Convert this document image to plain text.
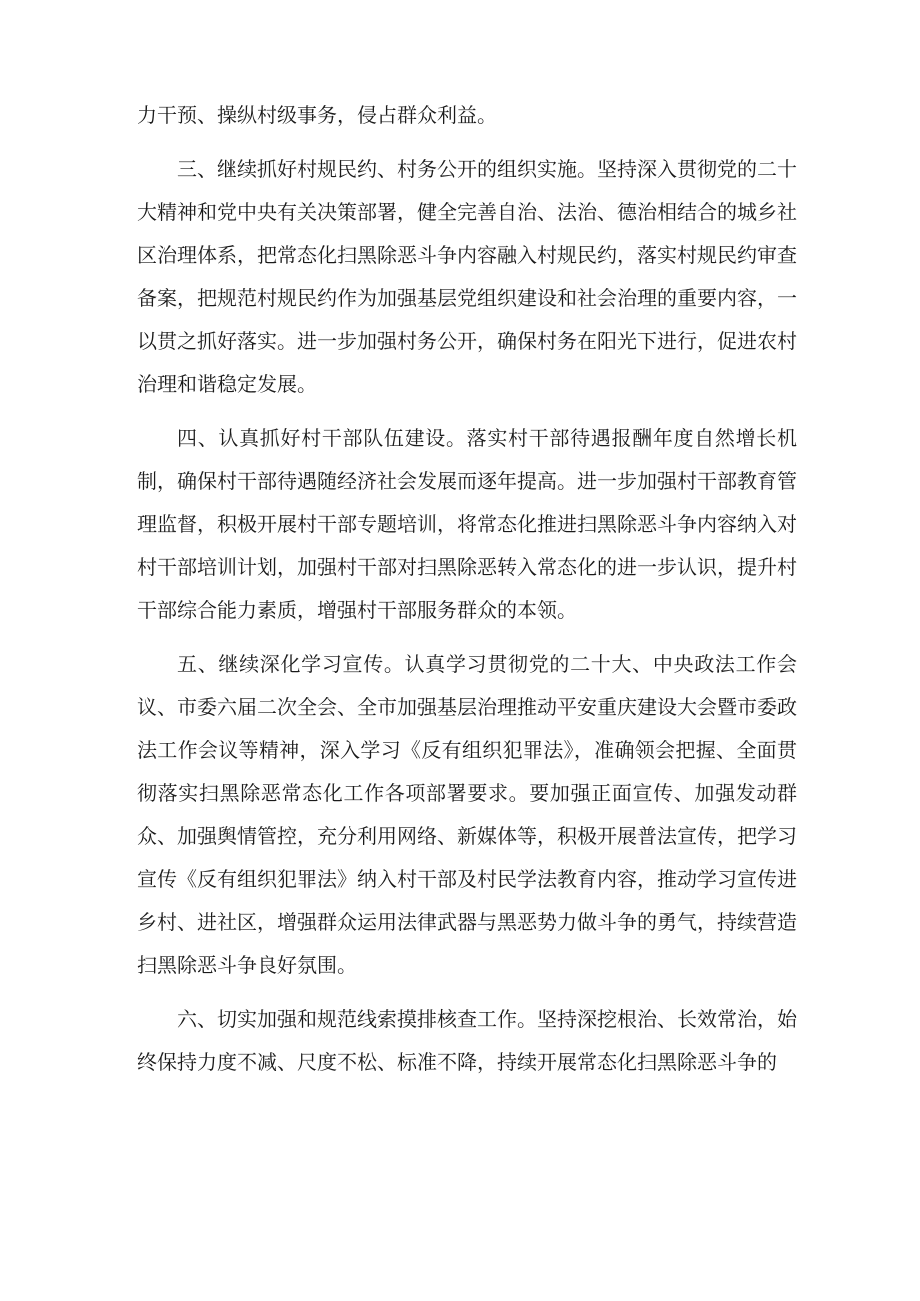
力干预、操纵村级事务，侵占群众利益。

三、继续抓好村规民约、村务公开的组织实施。坚持深入贯彻党的二十大精神和党中央有关决策部署，健全完善自治、法治、德治相结合的城乡社区治理体系，把常态化扫黑除恶斗争内容融入村规民约，落实村规民约审查备案，把规范村规民约作为加强基层党组织建设和社会治理的重要内容，一以贯之抓好落实。进一步加强村务公开，确保村务在阳光下进行，促进农村治理和谐稳定发展。

四、认真抓好村干部队伍建设。落实村干部待遇报酬年度自然增长机制，确保村干部待遇随经济社会发展而逐年提高。进一步加强村干部教育管理监督，积极开展村干部专题培训，将常态化推进扫黑除恶斗争内容纳入对村干部培训计划，加强村干部对扫黑除恶转入常态化的进一步认识，提升村干部综合能力素质，增强村干部服务群众的本领。

五、继续深化学习宣传。认真学习贯彻党的二十大、中央政法工作会议、市委六届二次全会、全市加强基层治理推动平安重庆建设大会暨市委政法工作会议等精神，深入学习《反有组织犯罪法》，准确领会把握、全面贯彻落实扫黑除恶常态化工作各项部署要求。要加强正面宣传、加强发动群众、加强舆情管控，充分利用网络、新媒体等，积极开展普法宣传，把学习宣传《反有组织犯罪法》纳入村干部及村民学法教育内容，推动学习宣传进乡村、进社区，增强群众运用法律武器与黑恶势力做斗争的勇气，持续营造扫黑除恶斗争良好氛围。

六、切实加强和规范线索摸排核查工作。坚持深挖根治、长效常治，始终保持力度不减、尺度不松、标准不降，持续开展常态化扫黑除恶斗争的
